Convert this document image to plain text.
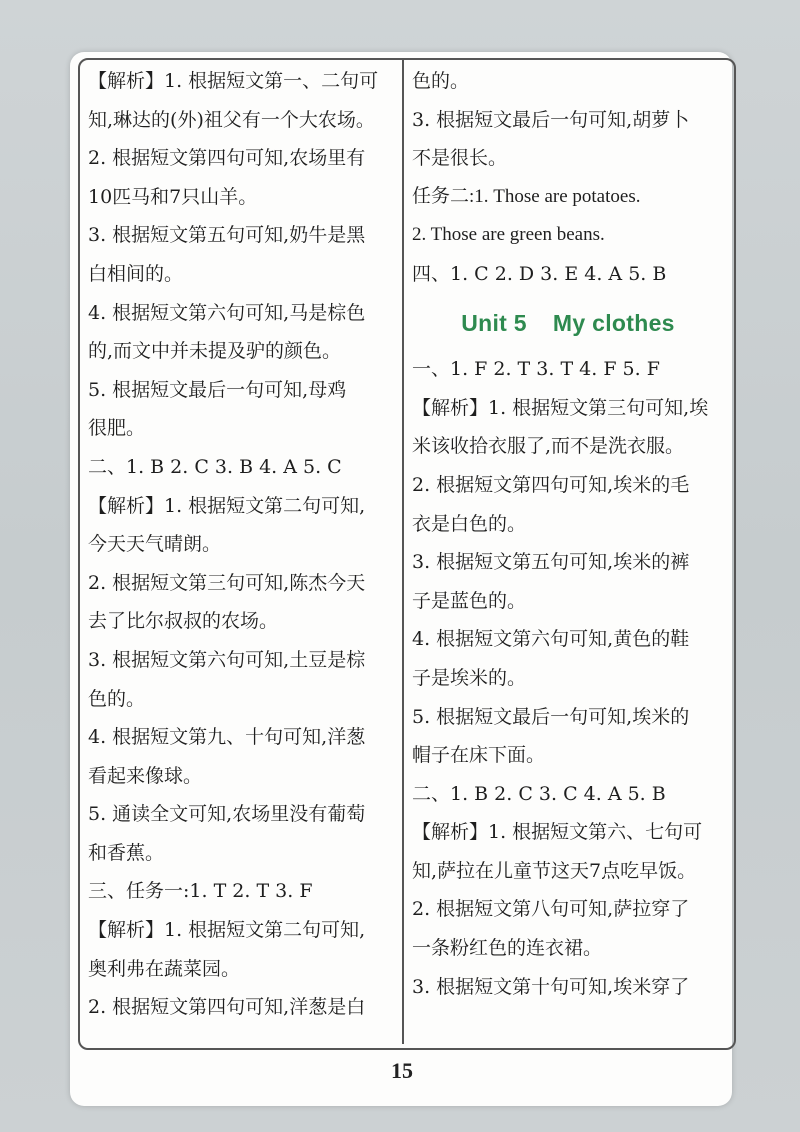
【解析】1. 根据短文第一、二句可

知,琳达的(外)祖父有一个大农场。

2. 根据短文第四句可知,农场里有

10匹马和7只山羊。

3. 根据短文第五句可知,奶牛是黑

白相间的。

4. 根据短文第六句可知,马是棕色

的,而文中并未提及驴的颜色。

5. 根据短文最后一句可知,母鸡

很肥。

二、1. B 2. C 3. B 4. A 5. C

【解析】1. 根据短文第二句可知,

今天天气晴朗。

2. 根据短文第三句可知,陈杰今天

去了比尔叔叔的农场。

3. 根据短文第六句可知,土豆是棕

色的。

4. 根据短文第九、十句可知,洋葱

看起来像球。

5. 通读全文可知,农场里没有葡萄

和香蕉。

三、任务一:1. T 2. T 3. F

【解析】1. 根据短文第二句可知,

奥利弗在蔬菜园。

2. 根据短文第四句可知,洋葱是白

色的。

3. 根据短文最后一句可知,胡萝卜

不是很长。

任务二:1. Those are potatoes.

2. Those are green beans.

四、1. C 2. D 3. E 4. A 5. B

Unit 5 My clothes

一、1. F 2. T 3. T 4. F 5. F

【解析】1. 根据短文第三句可知,埃

米该收拾衣服了,而不是洗衣服。

2. 根据短文第四句可知,埃米的毛

衣是白色的。

3. 根据短文第五句可知,埃米的裤

子是蓝色的。

4. 根据短文第六句可知,黄色的鞋

子是埃米的。

5. 根据短文最后一句可知,埃米的

帽子在床下面。

二、1. B 2. C 3. C 4. A 5. B

【解析】1. 根据短文第六、七句可

知,萨拉在儿童节这天7点吃早饭。

2. 根据短文第八句可知,萨拉穿了

一条粉红色的连衣裙。

3. 根据短文第十句可知,埃米穿了

15
